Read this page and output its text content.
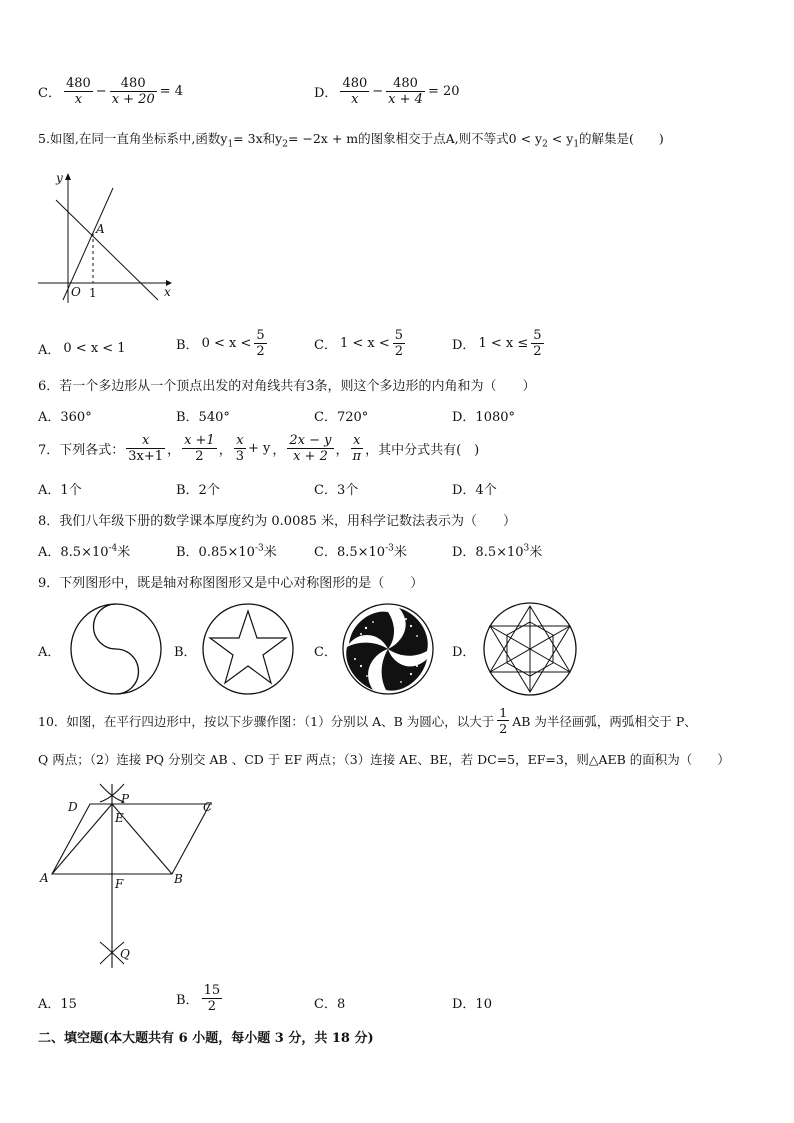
C． $\frac{480}{x} - \frac{480}{x + 20} = 4$	D． $\frac{480}{x} - \frac{480}{x + 4} = 20$
5.如图,在同一直角坐标系中,函数$y_1= 3x$和$y_2= -2x + m$的图象相交于点A,则不等式$0 < y_2 < y_1$的解集是(　　)
y
x
O
A
1
A． 0 < x < 1	B． $0 < x < \frac{5}{2}$	C． $1 < x < \frac{5}{2}$	D． $1 < x \le \frac{5}{2}$
6．若一个多边形从一个顶点出发的对角线共有3条，则这个多边形的内角和为（　　）
A．360°	B．540°	C．720°	D．1080°
7．下列各式： $\frac{x}{3x+1}$ ， $\frac{x +1}{2}$ ， $\frac{x}{3} + y$ ， $\frac{2x - y}{x + 2}$ ， $\frac{x}{\pi}$ ，其中分式共有(　)
A．1个	B．2个	C．3个	D．4个
8．我们八年级下册的数学课本厚度约为 0.0085 米，用科学记数法表示为（　　）
A．$8.5\times 10^{-4}$米	B．$0.85\times 10^{-3}$米	C．$8.5\times 10^{-3}$米	D．$8.5\times 10^3$米
9．下列图形中，既是轴对称图图形又是中心对称图形的是（　　）
A．	B．	C．	D．
10．如图，在平行四边形中，按以下步骤作图：（1）分别以 A、B 为圆心，以大于 $\frac{1}{2}$ AB 为半径画弧，两弧相交于 P、
Q 两点；（2）连接 PQ 分别交 AB 、CD 于 EF 两点；（3）连接 AE、BE，若 DC=5，EF=3，则△AEB 的面积为（　　）
D
P
C
E
A	F	B
Q
A．15	B． $\frac{15}{2}$	C．8	D．10
二、填空题(本大题共有 6 小题，每小题 3 分，共 18 分)
